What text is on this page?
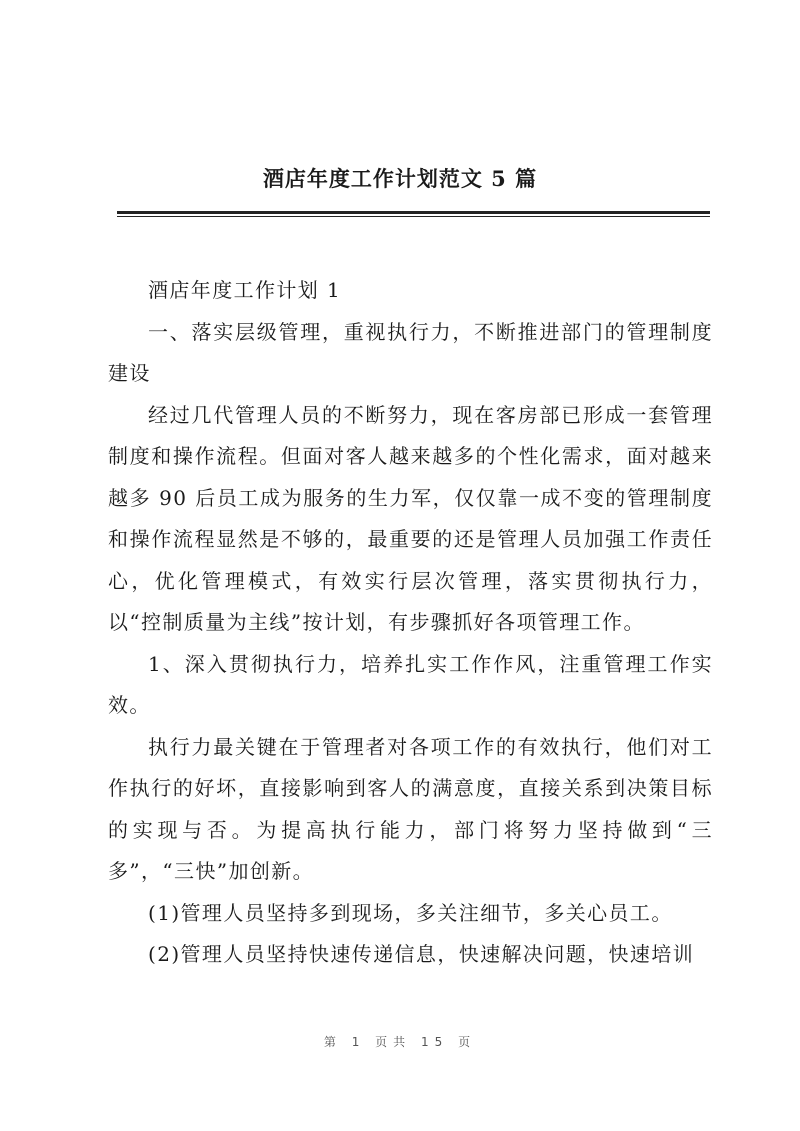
酒店年度工作计划范文 5 篇

酒店年度工作计划 1

一、落实层级管理，重视执行力，不断推进部门的管理制度建设

经过几代管理人员的不断努力，现在客房部已形成一套管理制度和操作流程。但面对客人越来越多的个性化需求，面对越来越多 90 后员工成为服务的生力军，仅仅靠一成不变的管理制度和操作流程显然是不够的，最重要的还是管理人员加强工作责任心，优化管理模式，有效实行层次管理，落实贯彻执行力，以“控制质量为主线”按计划，有步骤抓好各项管理工作。

1、深入贯彻执行力，培养扎实工作作风，注重管理工作实效。

执行力最关键在于管理者对各项工作的有效执行，他们对工作执行的好坏，直接影响到客人的满意度，直接关系到决策目标的实现与否。为提高执行能力，部门将努力坚持做到“三多”，“三快”加创新。

(1)管理人员坚持多到现场，多关注细节，多关心员工。

(2)管理人员坚持快速传递信息，快速解决问题，快速培训

第 1 页共 15 页
